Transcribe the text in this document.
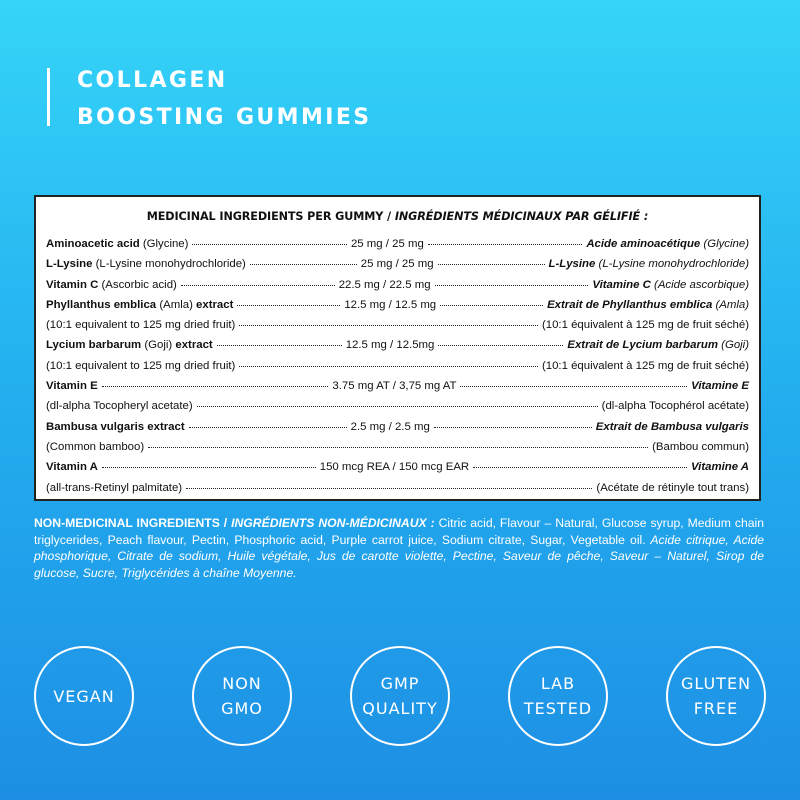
COLLAGEN
BOOSTING GUMMIES
MEDICINAL INGREDIENTS PER GUMMY / INGRÉDIENTS MÉDICINAUX PAR GÉLIFIÉ :
Aminoacetic acid (Glycine)	25 mg / 25 mg	Acide aminoacétique (Glycine)
L-Lysine (L-Lysine monohydrochloride)	25 mg / 25 mg	L-Lysine (L-Lysine monohydrochloride)
Vitamin C (Ascorbic acid)	22.5 mg / 22.5 mg	Vitamine C (Acide ascorbique)
Phyllanthus emblica (Amla) extract	12.5 mg / 12.5 mg	Extrait de Phyllanthus emblica (Amla)
(10:1 equivalent to 125 mg dried fruit)	(10:1 équivalent à 125 mg de fruit séché)
Lycium barbarum (Goji) extract	12.5 mg / 12.5mg	Extrait de Lycium barbarum (Goji)
(10:1 equivalent to 125 mg dried fruit)	(10:1 équivalent à 125 mg de fruit séché)
Vitamin E	3.75 mg AT / 3,75 mg AT	Vitamine E
(dl-alpha Tocopheryl acetate)	(dl-alpha Tocophérol acétate)
Bambusa vulgaris extract	2.5 mg / 2.5 mg	Extrait de Bambusa vulgaris
(Common bamboo)	(Bambou commun)
Vitamin A	150 mcg REA / 150 mcg EAR	Vitamine A
(all-trans-Retinyl palmitate)	(Acétate de rétinyle tout trans)
NON-MEDICINAL INGREDIENTS / INGRÉDIENTS NON-MÉDICINAUX : Citric acid, Flavour – Natural, Glucose syrup, Medium chain triglycerides, Peach flavour, Pectin, Phosphoric acid, Purple carrot juice, Sodium citrate, Sugar, Vegetable oil. Acide citrique, Acide phosphorique, Citrate de sodium, Huile végétale, Jus de carotte violette, Pectine, Saveur de pêche, Saveur – Naturel, Sirop de glucose, Sucre, Triglycérides à chaîne Moyenne.
VEGAN
NON
GMO
GMP
QUALITY
LAB
TESTED
GLUTEN
FREE
